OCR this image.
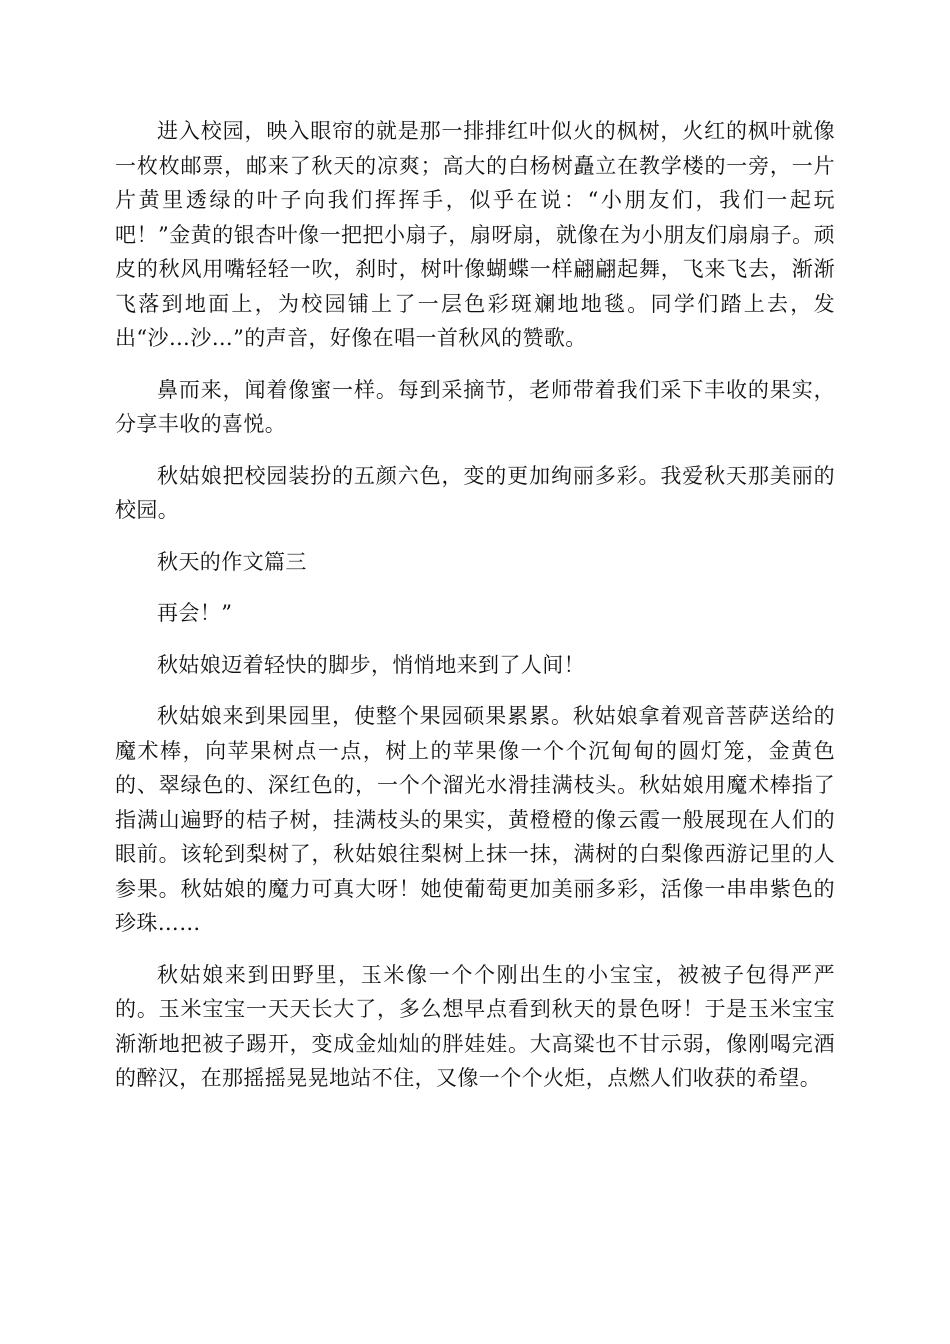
进入校园，映入眼帘的就是那一排排红叶似火的枫树，火红的枫叶就像一枚枚邮票，邮来了秋天的凉爽；高大的白杨树矗立在教学楼的一旁，一片片黄里透绿的叶子向我们挥挥手，似乎在说：“小朋友们，我们一起玩吧！”金黄的银杏叶像一把把小扇子，扇呀扇，就像在为小朋友们扇扇子。顽皮的秋风用嘴轻轻一吹，刹时，树叶像蝴蝶一样翩翩起舞，飞来飞去，渐渐飞落到地面上，为校园铺上了一层色彩斑斓地地毯。同学们踏上去，发出“沙…沙…”的声音，好像在唱一首秋风的赞歌。

鼻而来，闻着像蜜一样。每到采摘节，老师带着我们采下丰收的果实，分享丰收的喜悦。

秋姑娘把校园装扮的五颜六色，变的更加绚丽多彩。我爱秋天那美丽的校园。

秋天的作文篇三

再会！”

秋姑娘迈着轻快的脚步，悄悄地来到了人间！

秋姑娘来到果园里，使整个果园硕果累累。秋姑娘拿着观音菩萨送给的魔术棒，向苹果树点一点，树上的苹果像一个个沉甸甸的圆灯笼，金黄色的、翠绿色的、深红色的，一个个溜光水滑挂满枝头。秋姑娘用魔术棒指了指满山遍野的桔子树，挂满枝头的果实，黄橙橙的像云霞一般展现在人们的眼前。该轮到梨树了，秋姑娘往梨树上抹一抹，满树的白梨像西游记里的人参果。秋姑娘的魔力可真大呀！她使葡萄更加美丽多彩，活像一串串紫色的珍珠……

秋姑娘来到田野里，玉米像一个个刚出生的小宝宝，被被子包得严严的。玉米宝宝一天天长大了，多么想早点看到秋天的景色呀！于是玉米宝宝渐渐地把被子踢开，变成金灿灿的胖娃娃。大高粱也不甘示弱，像刚喝完酒的醉汉，在那摇摇晃晃地站不住，又像一个个火炬，点燃人们收获的希望。
